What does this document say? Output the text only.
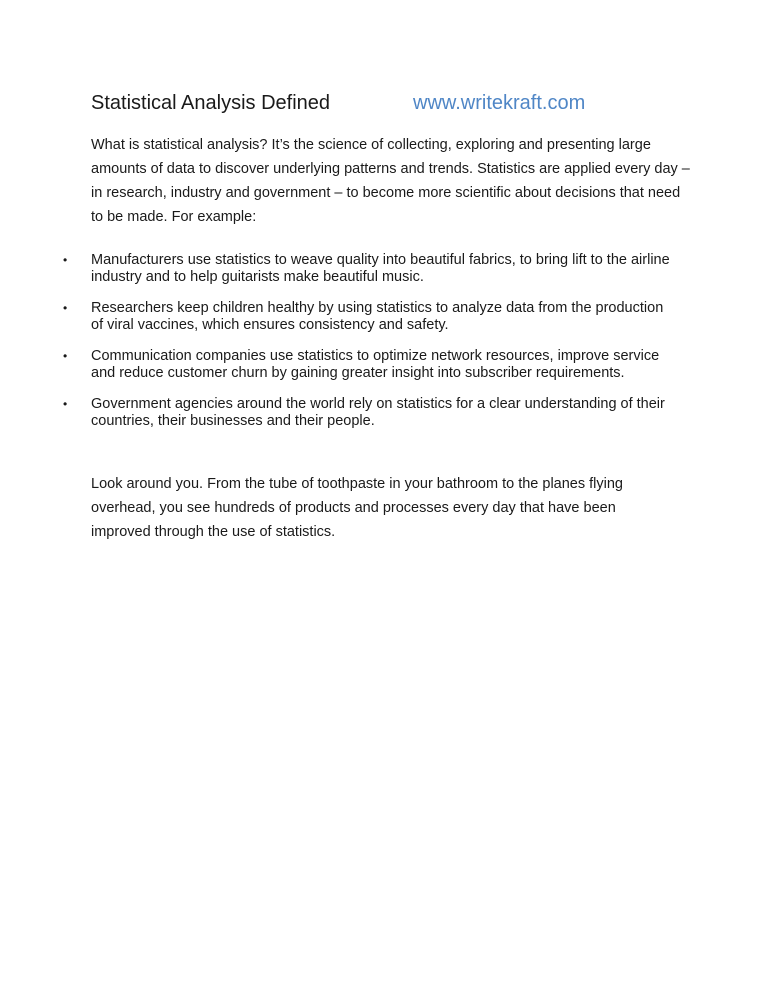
Statistical Analysis Defined	www.writekraft.com

What is statistical analysis? It’s the science of collecting, exploring and presenting large amounts of data to discover underlying patterns and trends. Statistics are applied every day – in research, industry and government – to become more scientific about decisions that need to be made. For example:

•	Manufacturers use statistics to weave quality into beautiful fabrics, to bring lift to the airline industry and to help guitarists make beautiful music.
•	Researchers keep children healthy by using statistics to analyze data from the production of viral vaccines, which ensures consistency and safety.
•	Communication companies use statistics to optimize network resources, improve service and reduce customer churn by gaining greater insight into subscriber requirements.
•	Government agencies around the world rely on statistics for a clear understanding of their countries, their businesses and their people.

Look around you. From the tube of toothpaste in your bathroom to the planes flying overhead, you see hundreds of products and processes every day that have been improved through the use of statistics.
